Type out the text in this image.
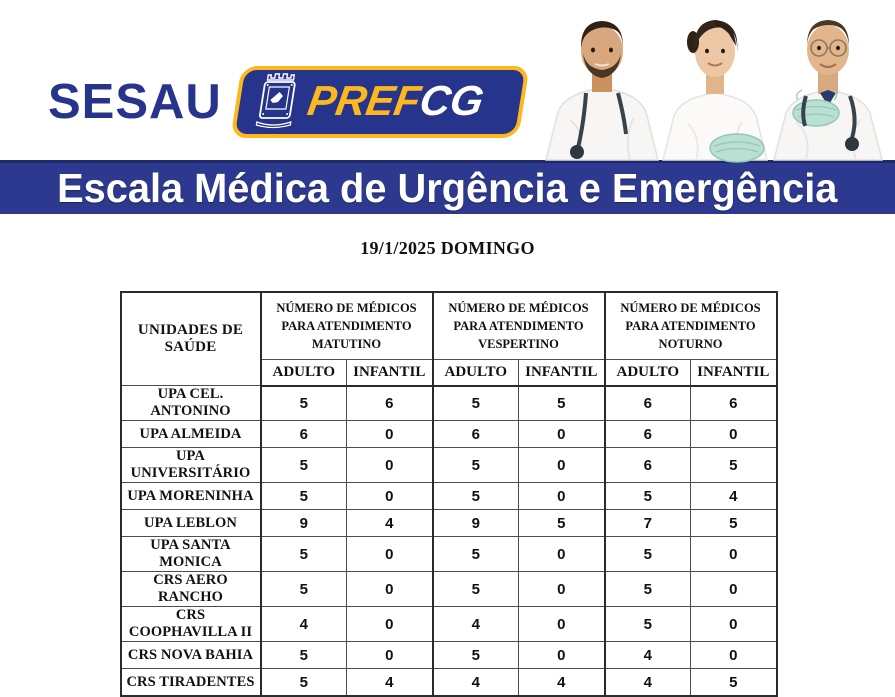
SESAU PREFCG
Escala Médica de Urgência e Emergência
19/1/2025 DOMINGO
UNIDADES DE SAÚDE	NÚMERO DE MÉDICOS PARA ATENDIMENTO MATUTINO		NÚMERO DE MÉDICOS PARA ATENDIMENTO VESPERTINO		NÚMERO DE MÉDICOS PARA ATENDIMENTO NOTURNO	

	ADULTO	INFANTIL	ADULTO	INFANTIL	ADULTO	INFANTIL
UPA CEL. ANTONINO	5	6	5	5	6	6
UPA ALMEIDA	6	0	6	0	6	0
UPA UNIVERSITÁRIO	5	0	5	0	6	5
UPA MORENINHA	5	0	5	0	5	4
UPA LEBLON	9	4	9	5	7	5
UPA SANTA MONICA	5	0	5	0	5	0
CRS AERO RANCHO	5	0	5	0	5	0
CRS COOPHAVILLA II	4	0	4	0	5	0
CRS NOVA BAHIA	5	0	5	0	4	0
CRS TIRADENTES	5	4	4	4	4	5
